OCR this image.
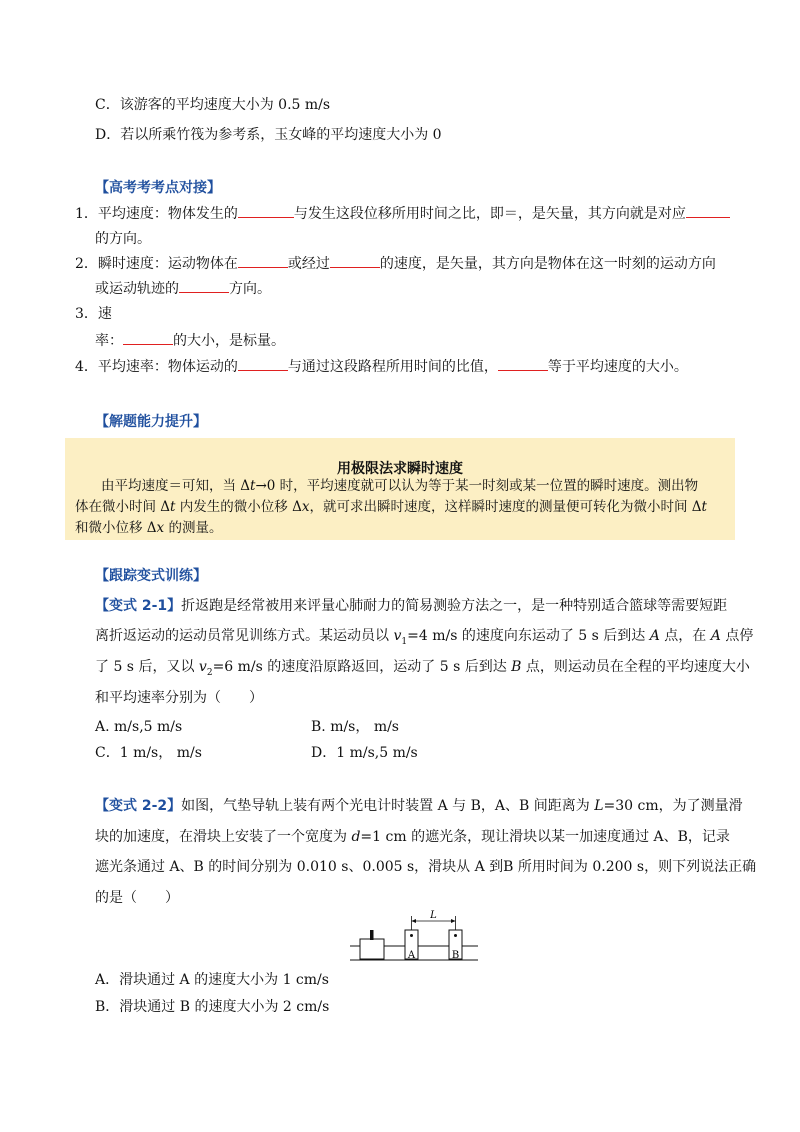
C．该游客的平均速度大小为 0.5 m/s
D．若以所乘竹筏为参考系，玉女峰的平均速度大小为 0
【高考考考点对接】
1．平均速度：物体发生的	与发生这段位移所用时间之比，即＝，是矢量，其方向就是对应
的方向。
2．瞬时速度：运动物体在	或经过	的速度，是矢量，其方向是物体在这一时刻的运动方向
或运动轨迹的	方向。
3．速
率：	的大小，是标量。
4．平均速率：物体运动的	与通过这段路程所用时间的比值，	等于平均速度的大小。
【解题能力提升】
用极限法求瞬时速度
由平均速度＝可知，当 Δt→0 时，平均速度就可以认为等于某一时刻或某一位置的瞬时速度。测出物
体在微小时间 Δt 内发生的微小位移 Δx，就可求出瞬时速度，这样瞬时速度的测量便可转化为微小时间 Δt
和微小位移 Δx 的测量。
【跟踪变式训练】
【变式 2-1】折返跑是经常被用来评量心肺耐力的简易测验方法之一，是一种特别适合篮球等需要短距
离折返运动的运动员常见训练方式。某运动员以 $v_1=4$ m/s 的速度向东运动了 5 s 后到达 A 点，在 A 点停
了 5 s 后，又以 $v_2=6$ m/s 的速度沿原路返回，运动了 5 s 后到达 B 点，则运动员在全程的平均速度大小
和平均速率分别为（　　）
A. m/s,5 m/s	B. m/s， m/s
C．1 m/s， m/s	D．1 m/s,5 m/s
【变式 2-2】如图，气垫导轨上装有两个光电计时装置 A 与 B，A、B 间距离为 L=30 cm，为了测量滑
块的加速度，在滑块上安装了一个宽度为 d=1 cm 的遮光条，现让滑块以某一加速度通过 A、B，记录
遮光条通过 A、B 的时间分别为 0.010 s、0.005 s，滑块从 A 到B 所用时间为 0.200 s，则下列说法正确
的是（　　）
L
A	B
A．滑块通过 A 的速度大小为 1 cm/s
B．滑块通过 B 的速度大小为 2 cm/s
